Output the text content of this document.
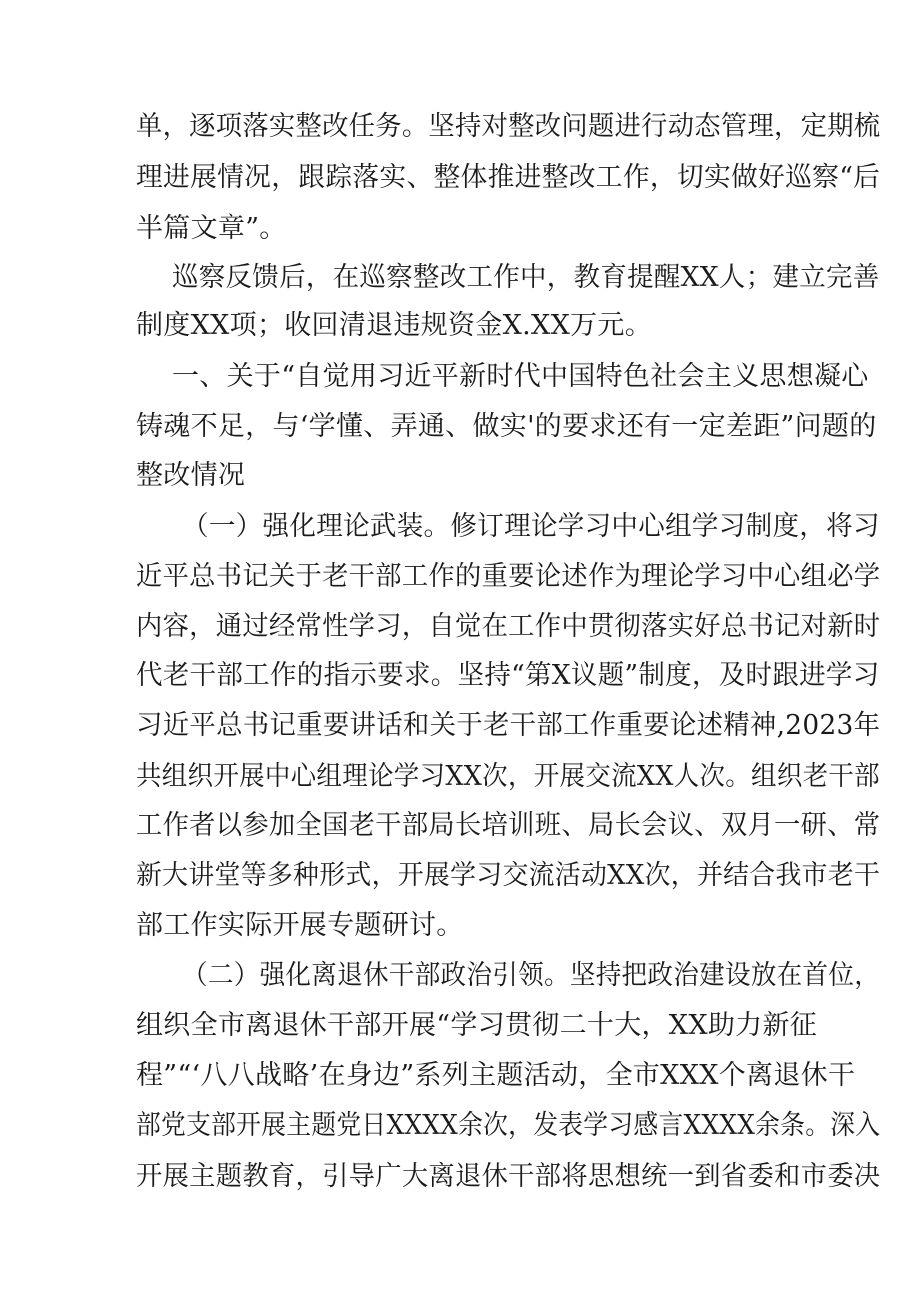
单，逐项落实整改任务。坚持对整改问题进行动态管理，定期梳
理进展情况，跟踪落实、整体推进整改工作，切实做好巡察“后
半篇文章”。
巡察反馈后，在巡察整改工作中，教育提醒XX人；建立完善
制度XX项；收回清退违规资金X.XX万元。
一、关于“自觉用习近平新时代中国特色社会主义思想凝心
铸魂不足，与‘学懂、弄通、做实'的要求还有一定差距”问题的
整改情况
（一）强化理论武装。修订理论学习中心组学习制度，将习
近平总书记关于老干部工作的重要论述作为理论学习中心组必学
内容，通过经常性学习，自觉在工作中贯彻落实好总书记对新时
代老干部工作的指示要求。坚持“第X议题”制度，及时跟进学习
习近平总书记重要讲话和关于老干部工作重要论述精神,2023年
共组织开展中心组理论学习XX次，开展交流XX人次。组织老干部
工作者以参加全国老干部局长培训班、局长会议、双月一研、常
新大讲堂等多种形式，开展学习交流活动XX次，并结合我市老干
部工作实际开展专题研讨。
（二）强化离退休干部政治引领。坚持把政治建设放在首位，
组织全市离退休干部开展“学习贯彻二十大，XX助力新征
程”“‘八八战略’在身边”系列主题活动，全市XXX个离退休干
部党支部开展主题党日XXXX余次，发表学习感言XXXX余条。深入
开展主题教育，引导广大离退休干部将思想统一到省委和市委决
